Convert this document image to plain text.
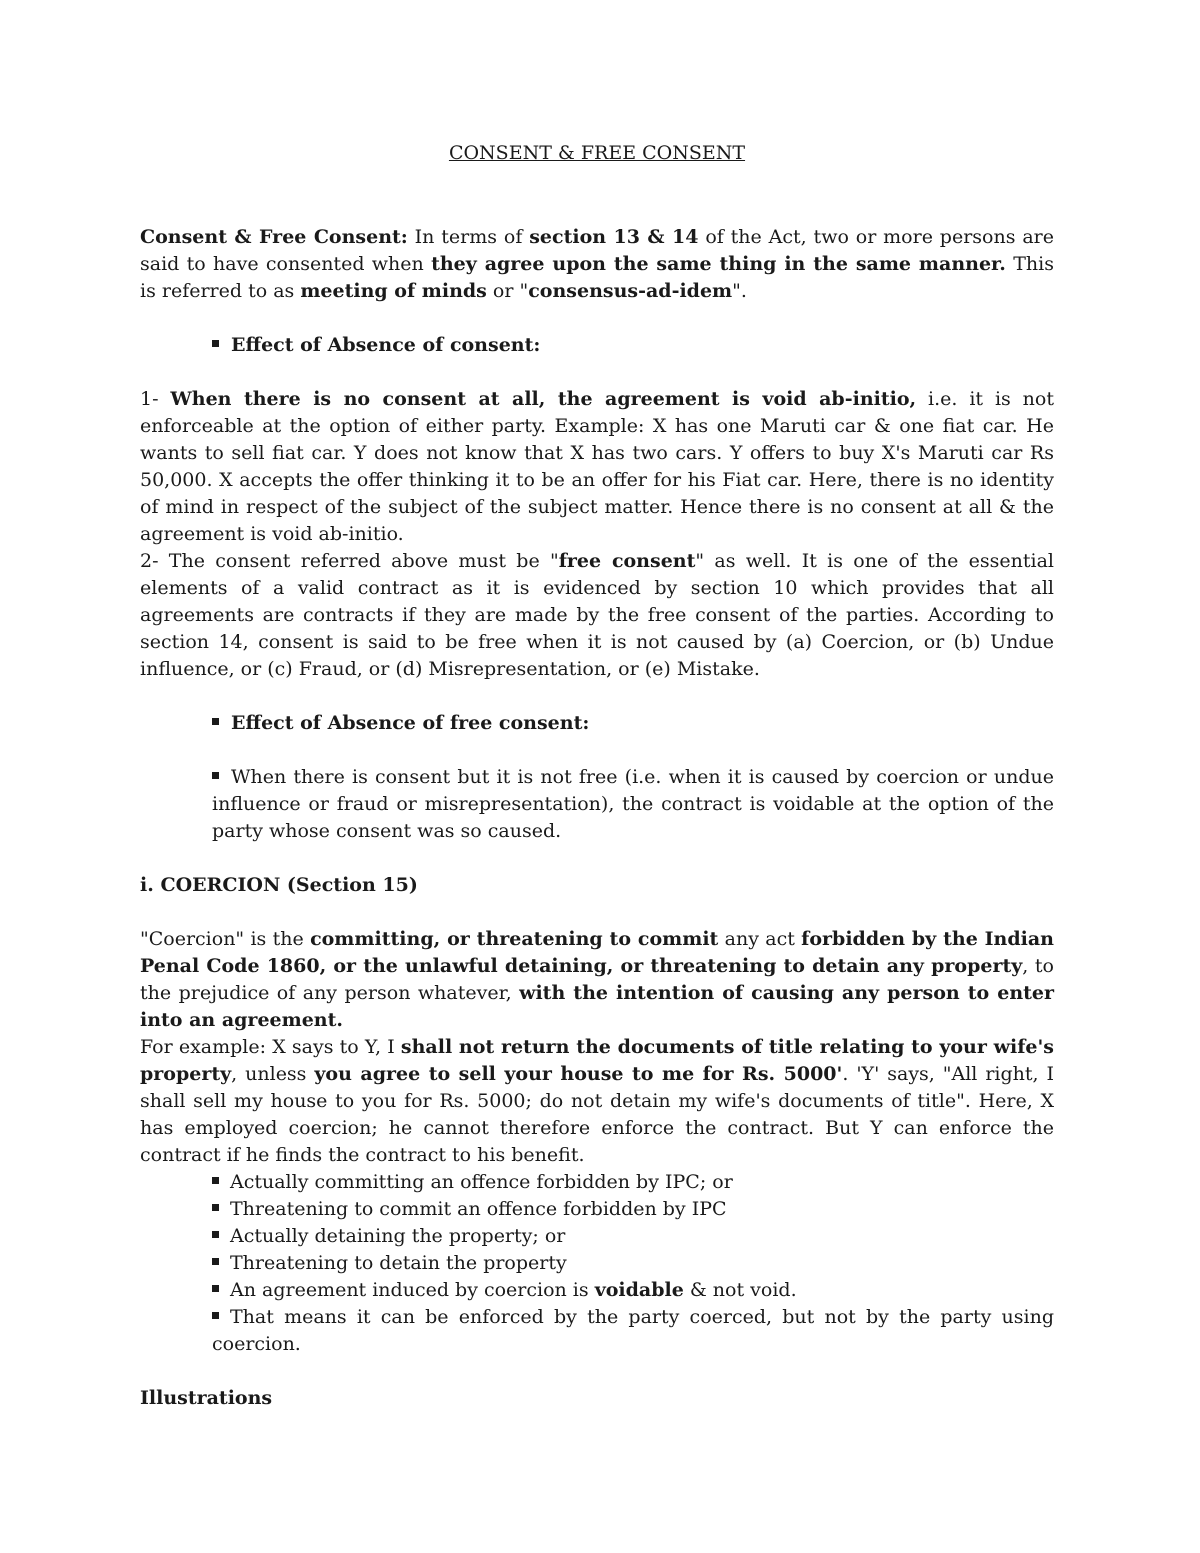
CONSENT & FREE CONSENT

Consent & Free Consent: In terms of section 13 & 14 of the Act, two or more persons are said to have consented when they agree upon the same thing in the same manner. This is referred to as meeting of minds or "consensus-ad-idem".

Effect of Absence of consent:

1- When there is no consent at all, the agreement is void ab-initio, i.e. it is not enforceable at the option of either party. Example: X has one Maruti car & one fiat car. He wants to sell fiat car. Y does not know that X has two cars. Y offers to buy X's Maruti car Rs 50,000. X accepts the offer thinking it to be an offer for his Fiat car. Here, there is no identity of mind in respect of the subject of the subject matter. Hence there is no consent at all & the agreement is void ab-initio.

2- The consent referred above must be "free consent" as well. It is one of the essential elements of a valid contract as it is evidenced by section 10 which provides that all agreements are contracts if they are made by the free consent of the parties. According to section 14, consent is said to be free when it is not caused by (a) Coercion, or (b) Undue influence, or (c) Fraud, or (d) Misrepresentation, or (e) Mistake.

Effect of Absence of free consent:

When there is consent but it is not free (i.e. when it is caused by coercion or undue influence or fraud or misrepresentation), the contract is voidable at the option of the party whose consent was so caused.

i. COERCION (Section 15)

"Coercion" is the committing, or threatening to commit any act forbidden by the Indian Penal Code 1860, or the unlawful detaining, or threatening to detain any property, to the prejudice of any person whatever, with the intention of causing any person to enter into an agreement.

For example: X says to Y, I shall not return the documents of title relating to your wife's property, unless you agree to sell your house to me for Rs. 5000'. 'Y' says, "All right, I shall sell my house to you for Rs. 5000; do not detain my wife's documents of title". Here, X has employed coercion; he cannot therefore enforce the contract. But Y can enforce the contract if he finds the contract to his benefit.

Actually committing an offence forbidden by IPC; or

Threatening to commit an offence forbidden by IPC

Actually detaining the property; or

Threatening to detain the property

An agreement induced by coercion is voidable & not void.

That means it can be enforced by the party coerced, but not by the party using coercion.

Illustrations
